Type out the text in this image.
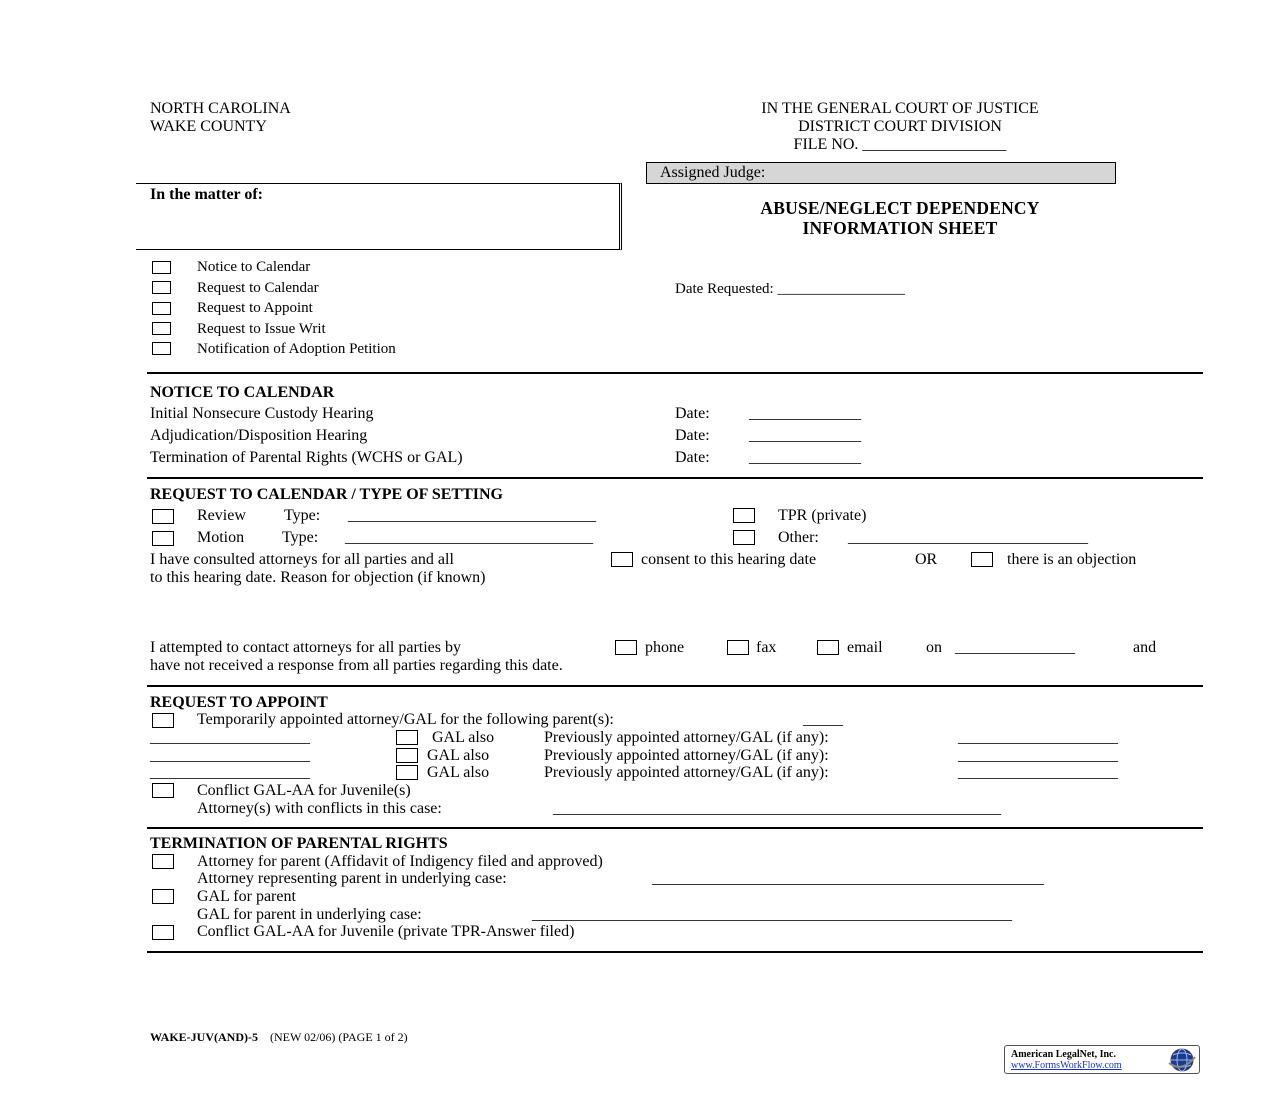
NORTH CAROLINA
WAKE COUNTY
IN THE GENERAL COURT OF JUSTICE
DISTRICT COURT DIVISION
FILE NO. __________________
Assigned Judge:
In the matter of:
ABUSE/NEGLECT DEPENDENCY
INFORMATION SHEET
Notice to Calendar
Request to Calendar
Request to Appoint
Request to Issue Writ
Notification of Adoption Petition
Date Requested: _________________
NOTICE TO CALENDAR
Initial Nonsecure Custody Hearing	Date: ______________
Adjudication/Disposition Hearing	Date: ______________
Termination of Parental Rights (WCHS or GAL)	Date: ______________
REQUEST TO CALENDAR / TYPE OF SETTING
Review Type: _______________________________	TPR (private)
Motion Type: _______________________________	Other: ______________________________
I have consulted attorneys for all parties and all	consent to this hearing date	OR	there is an objection
to this hearing date. Reason for objection (if known)
I attempted to contact attorneys for all parties by	phone	fax	email	on _______________	and
have not received a response from all parties regarding this date.
REQUEST TO APPOINT
Temporarily appointed attorney/GAL for the following parent(s):	_____
____________________	GAL also	Previously appointed attorney/GAL (if any):	____________________
____________________	GAL also	Previously appointed attorney/GAL (if any):	____________________
____________________	GAL also	Previously appointed attorney/GAL (if any):	____________________
Conflict GAL-AA for Juvenile(s)
Attorney(s) with conflicts in this case:	________________________________________________________
TERMINATION OF PARENTAL RIGHTS
Attorney for parent (Affidavit of Indigency filed and approved)
Attorney representing parent in underlying case:	_________________________________________________
GAL for parent
GAL for parent in underlying case:	____________________________________________________________
Conflict GAL-AA for Juvenile (private TPR-Answer filed)
WAKE-JUV(AND)-5 (NEW 02/06) (PAGE 1 of 2)
American LegalNet, Inc.
www.FormsWorkFlow.com
